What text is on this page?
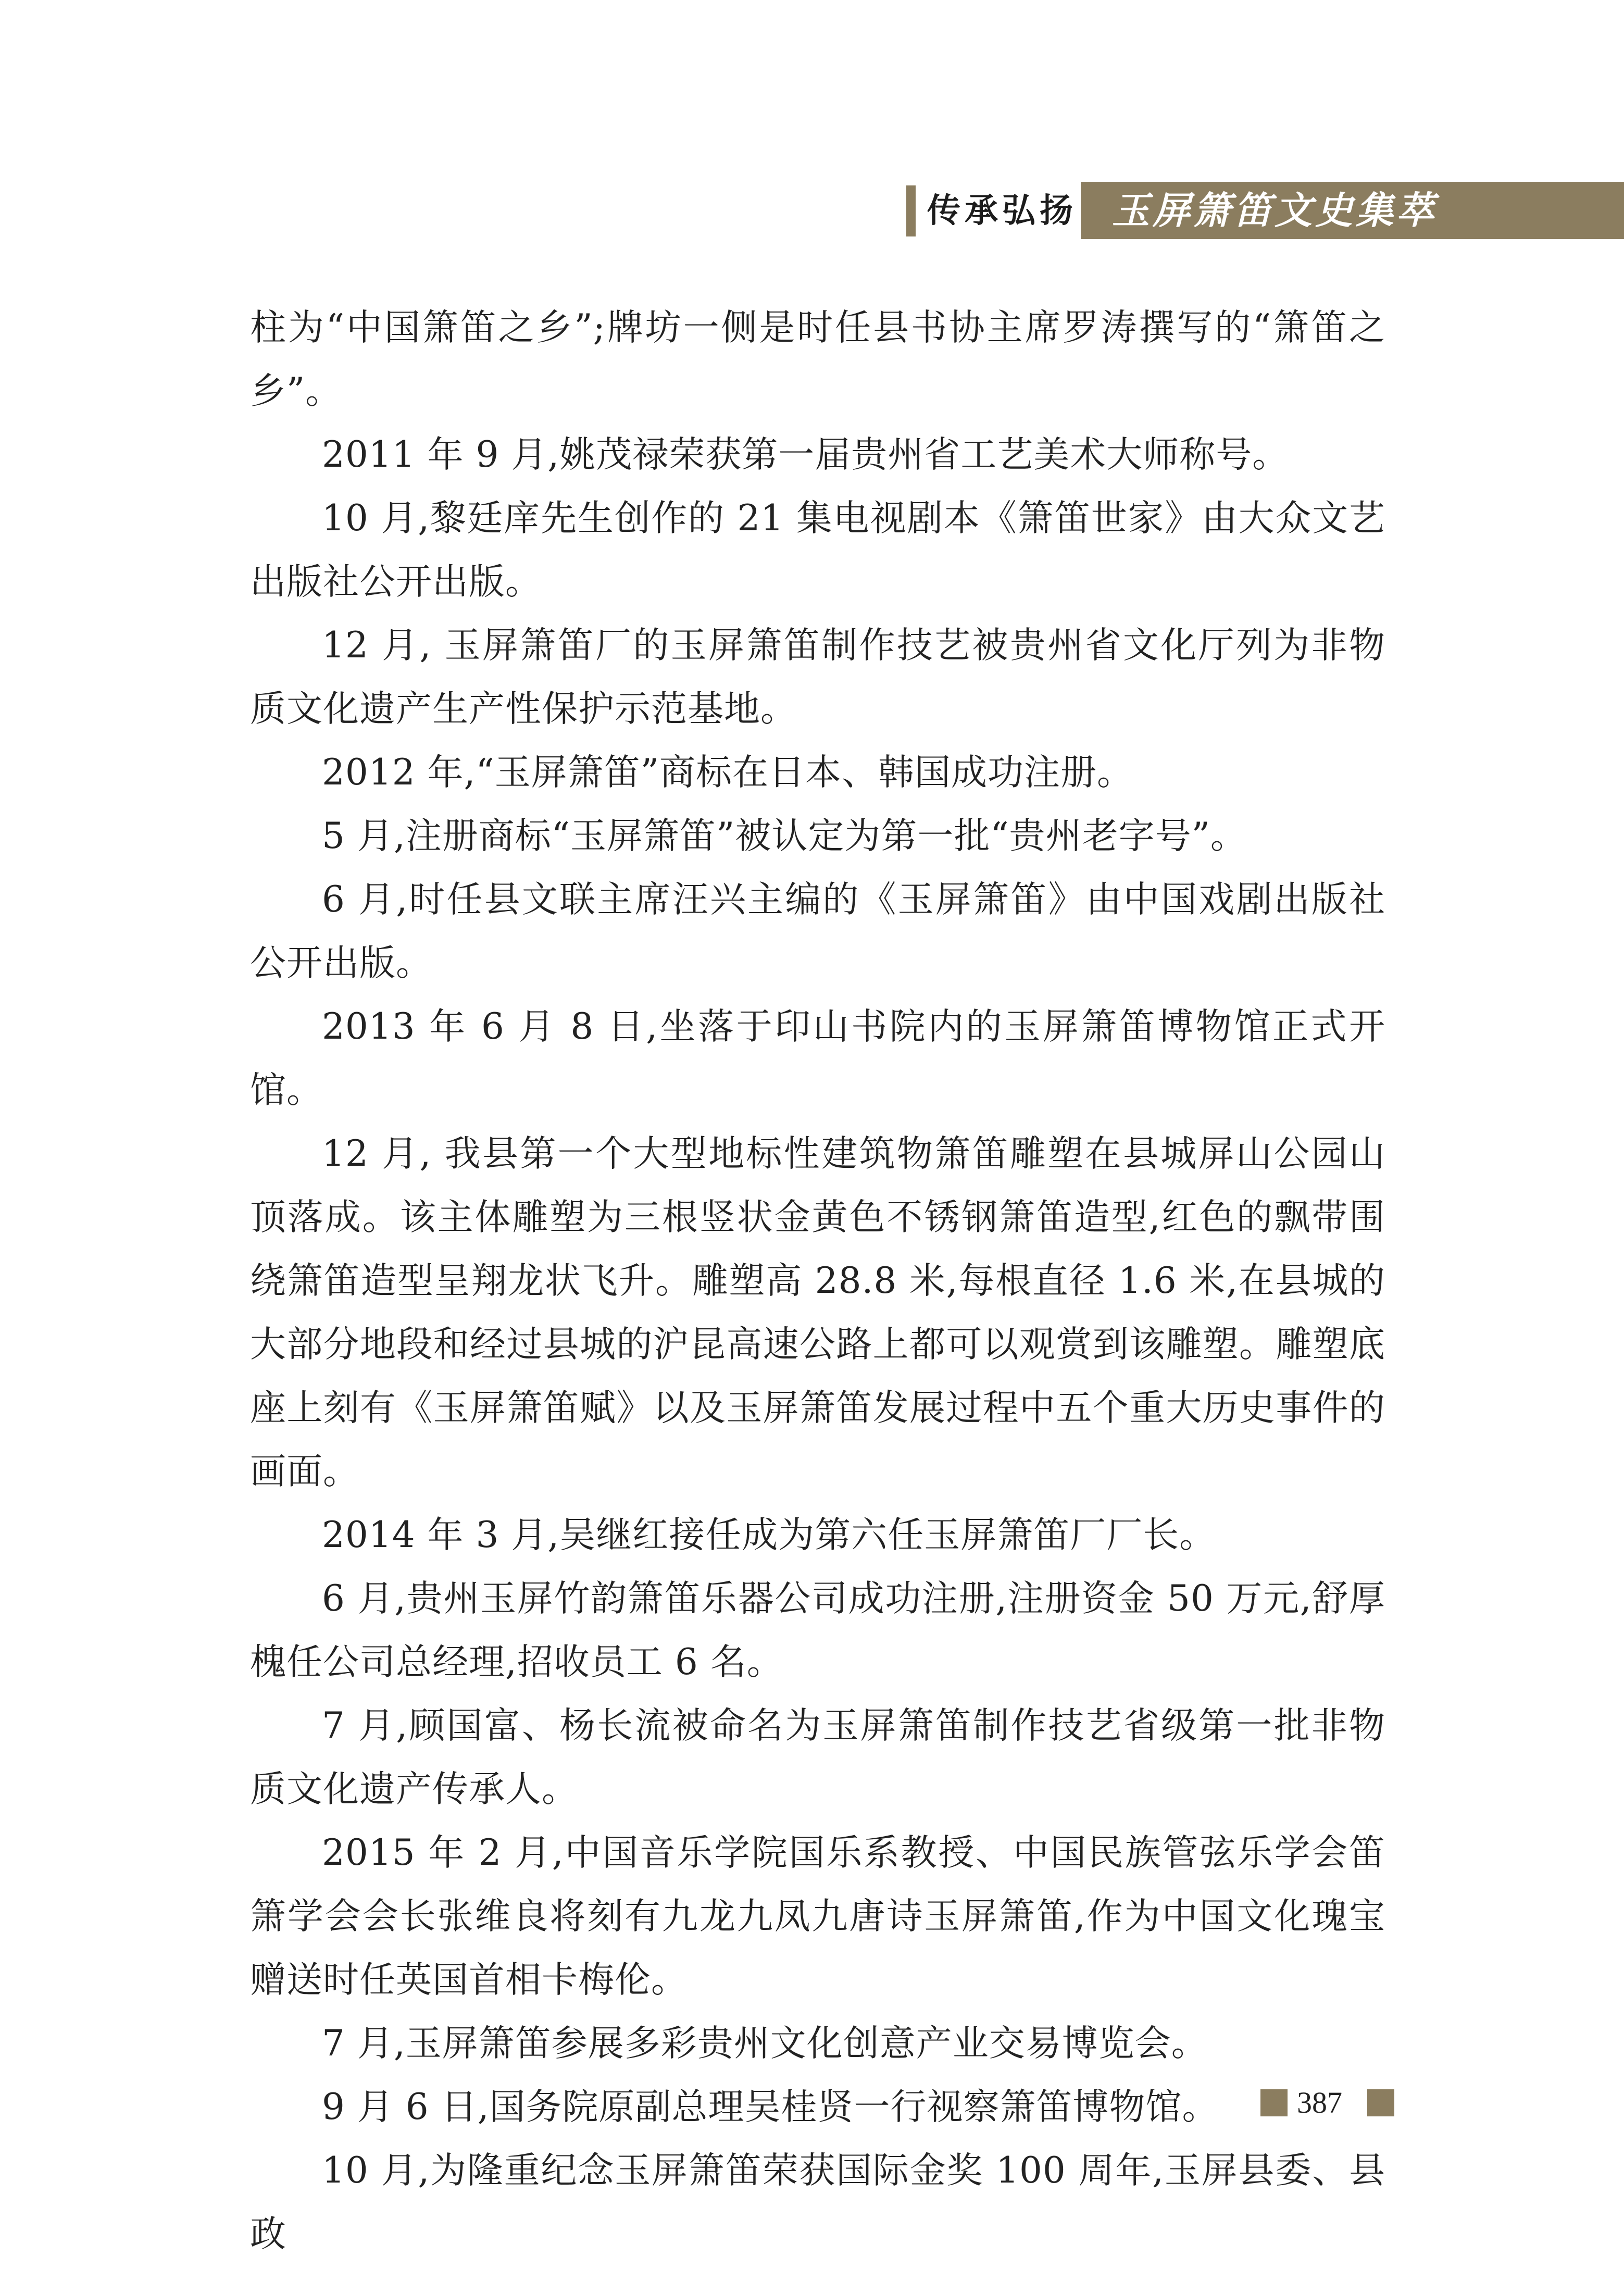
传承弘扬 玉屏箫笛文史集萃

柱为“中国箫笛之乡”;牌坊一侧是时任县书协主席罗涛撰写的“箫笛之乡”。

2011 年 9 月,姚茂禄荣获第一届贵州省工艺美术大师称号。

10 月,黎廷庠先生创作的 21 集电视剧本《箫笛世家》由大众文艺出版社公开出版。

12 月, 玉屏箫笛厂的玉屏箫笛制作技艺被贵州省文化厅列为非物质文化遗产生产性保护示范基地。

2012 年,“玉屏箫笛”商标在日本、韩国成功注册。

5 月,注册商标“玉屏箫笛”被认定为第一批“贵州老字号”。

6 月,时任县文联主席汪兴主编的《玉屏箫笛》由中国戏剧出版社公开出版。

2013 年 6 月 8 日,坐落于印山书院内的玉屏箫笛博物馆正式开馆。

12 月, 我县第一个大型地标性建筑物箫笛雕塑在县城屏山公园山顶落成。该主体雕塑为三根竖状金黄色不锈钢箫笛造型,红色的飘带围绕箫笛造型呈翔龙状飞升。雕塑高 28.8 米,每根直径 1.6 米,在县城的大部分地段和经过县城的沪昆高速公路上都可以观赏到该雕塑。雕塑底座上刻有《玉屏箫笛赋》以及玉屏箫笛发展过程中五个重大历史事件的画面。

2014 年 3 月,吴继红接任成为第六任玉屏箫笛厂厂长。

6 月,贵州玉屏竹韵箫笛乐器公司成功注册,注册资金 50 万元,舒厚槐任公司总经理,招收员工 6 名。

7 月,顾国富、杨长流被命名为玉屏箫笛制作技艺省级第一批非物质文化遗产传承人。

2015 年 2 月,中国音乐学院国乐系教授、中国民族管弦乐学会笛箫学会会长张维良将刻有九龙九凤九唐诗玉屏箫笛,作为中国文化瑰宝赠送时任英国首相卡梅伦。

7 月,玉屏箫笛参展多彩贵州文化创意产业交易博览会。

9 月 6 日,国务院原副总理吴桂贤一行视察箫笛博物馆。

10 月,为隆重纪念玉屏箫笛荣获国际金奖 100 周年,玉屏县委、县政

387
